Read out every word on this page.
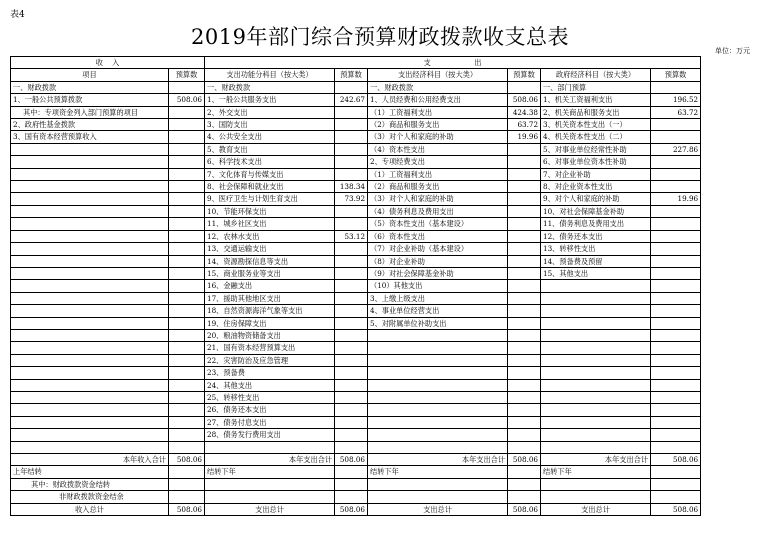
表4
2019年部门综合预算财政拨款收支总表
单位：万元
收    入		支                   出					
项目	预算数	支出功能分科目（按大类）	预算数	支出经济科目（按大类）	预算数	政府经济科目（按大类）	预算数
一、财政拨款		一、财政拨款		一、财政拨款		一、部门预算	
1、一般公共预算拨款	508.06	1、一般公共服务支出	242.67	1、人员经费和公用经费支出	508.06	1、机关工资福利支出	196.52
其中：专项资金列入部门预算的项目		2、外交支出		（1）工资福利支出	424.38	2、机关商品和服务支出	63.72
2、政府性基金拨款		3、国防支出		（2）商品和服务支出	63.72	3、机关资本性支出（一）	
3、国有资本经营预算收入		4、公共安全支出		（3）对个人和家庭的补助	19.96	4、机关资本性支出（二）	
		5、教育支出		（4）资本性支出		5、对事业单位经常性补助	227.86
		6、科学技术支出		2、专项经费支出		6、对事业单位资本性补助	
		7、文化体育与传媒支出		（1）工资福利支出		7、对企业补助	
		8、社会保障和就业支出	138.34	（2）商品和服务支出		8、对企业资本性支出	
		9、医疗卫生与计划生育支出	73.92	（3）对个人和家庭的补助		9、对个人和家庭的补助	19.96
		10、节能环保支出		（4）债务利息及费用支出		10、对社会保障基金补助	
		11、城乡社区支出		（5）资本性支出（基本建设）		11、债务利息及费用支出	
		12、农林水支出	53.12	（6）资本性支出		12、债务还本支出	
		13、交通运输支出		（7）对企业补助（基本建设）		13、转移性支出	
		14、资源勘探信息等支出		（8）对企业补助		14、预备费及预留	
		15、商业服务业等支出		（9）对社会保障基金补助		15、其他支出	
		16、金融支出		（10）其他支出			
		17、援助其他地区支出		3、上缴上级支出			
		18、自然资源海洋气象等支出		4、事业单位经营支出			
		19、住房保障支出		5、对附属单位补助支出			
		20、粮油物资储备支出					
		21、国有资本经营预算支出					
		22、灾害防治及应急管理					
		23、预备费					
		24、其他支出					
		25、转移性支出					
		26、债务还本支出					
		27、债务付息支出					
		28、债务发行费用支出					

本年收入合计	508.06	本年支出合计	508.06	本年支出合计	508.06	本年支出合计	508.06
上年结转		结转下年		结转下年		结转下年	
其中：财政拨款资金结转							
非财政拨款资金结余							
收入总计	508.06	支出总计	508.06	支出总计	508.06	支出总计	508.06
